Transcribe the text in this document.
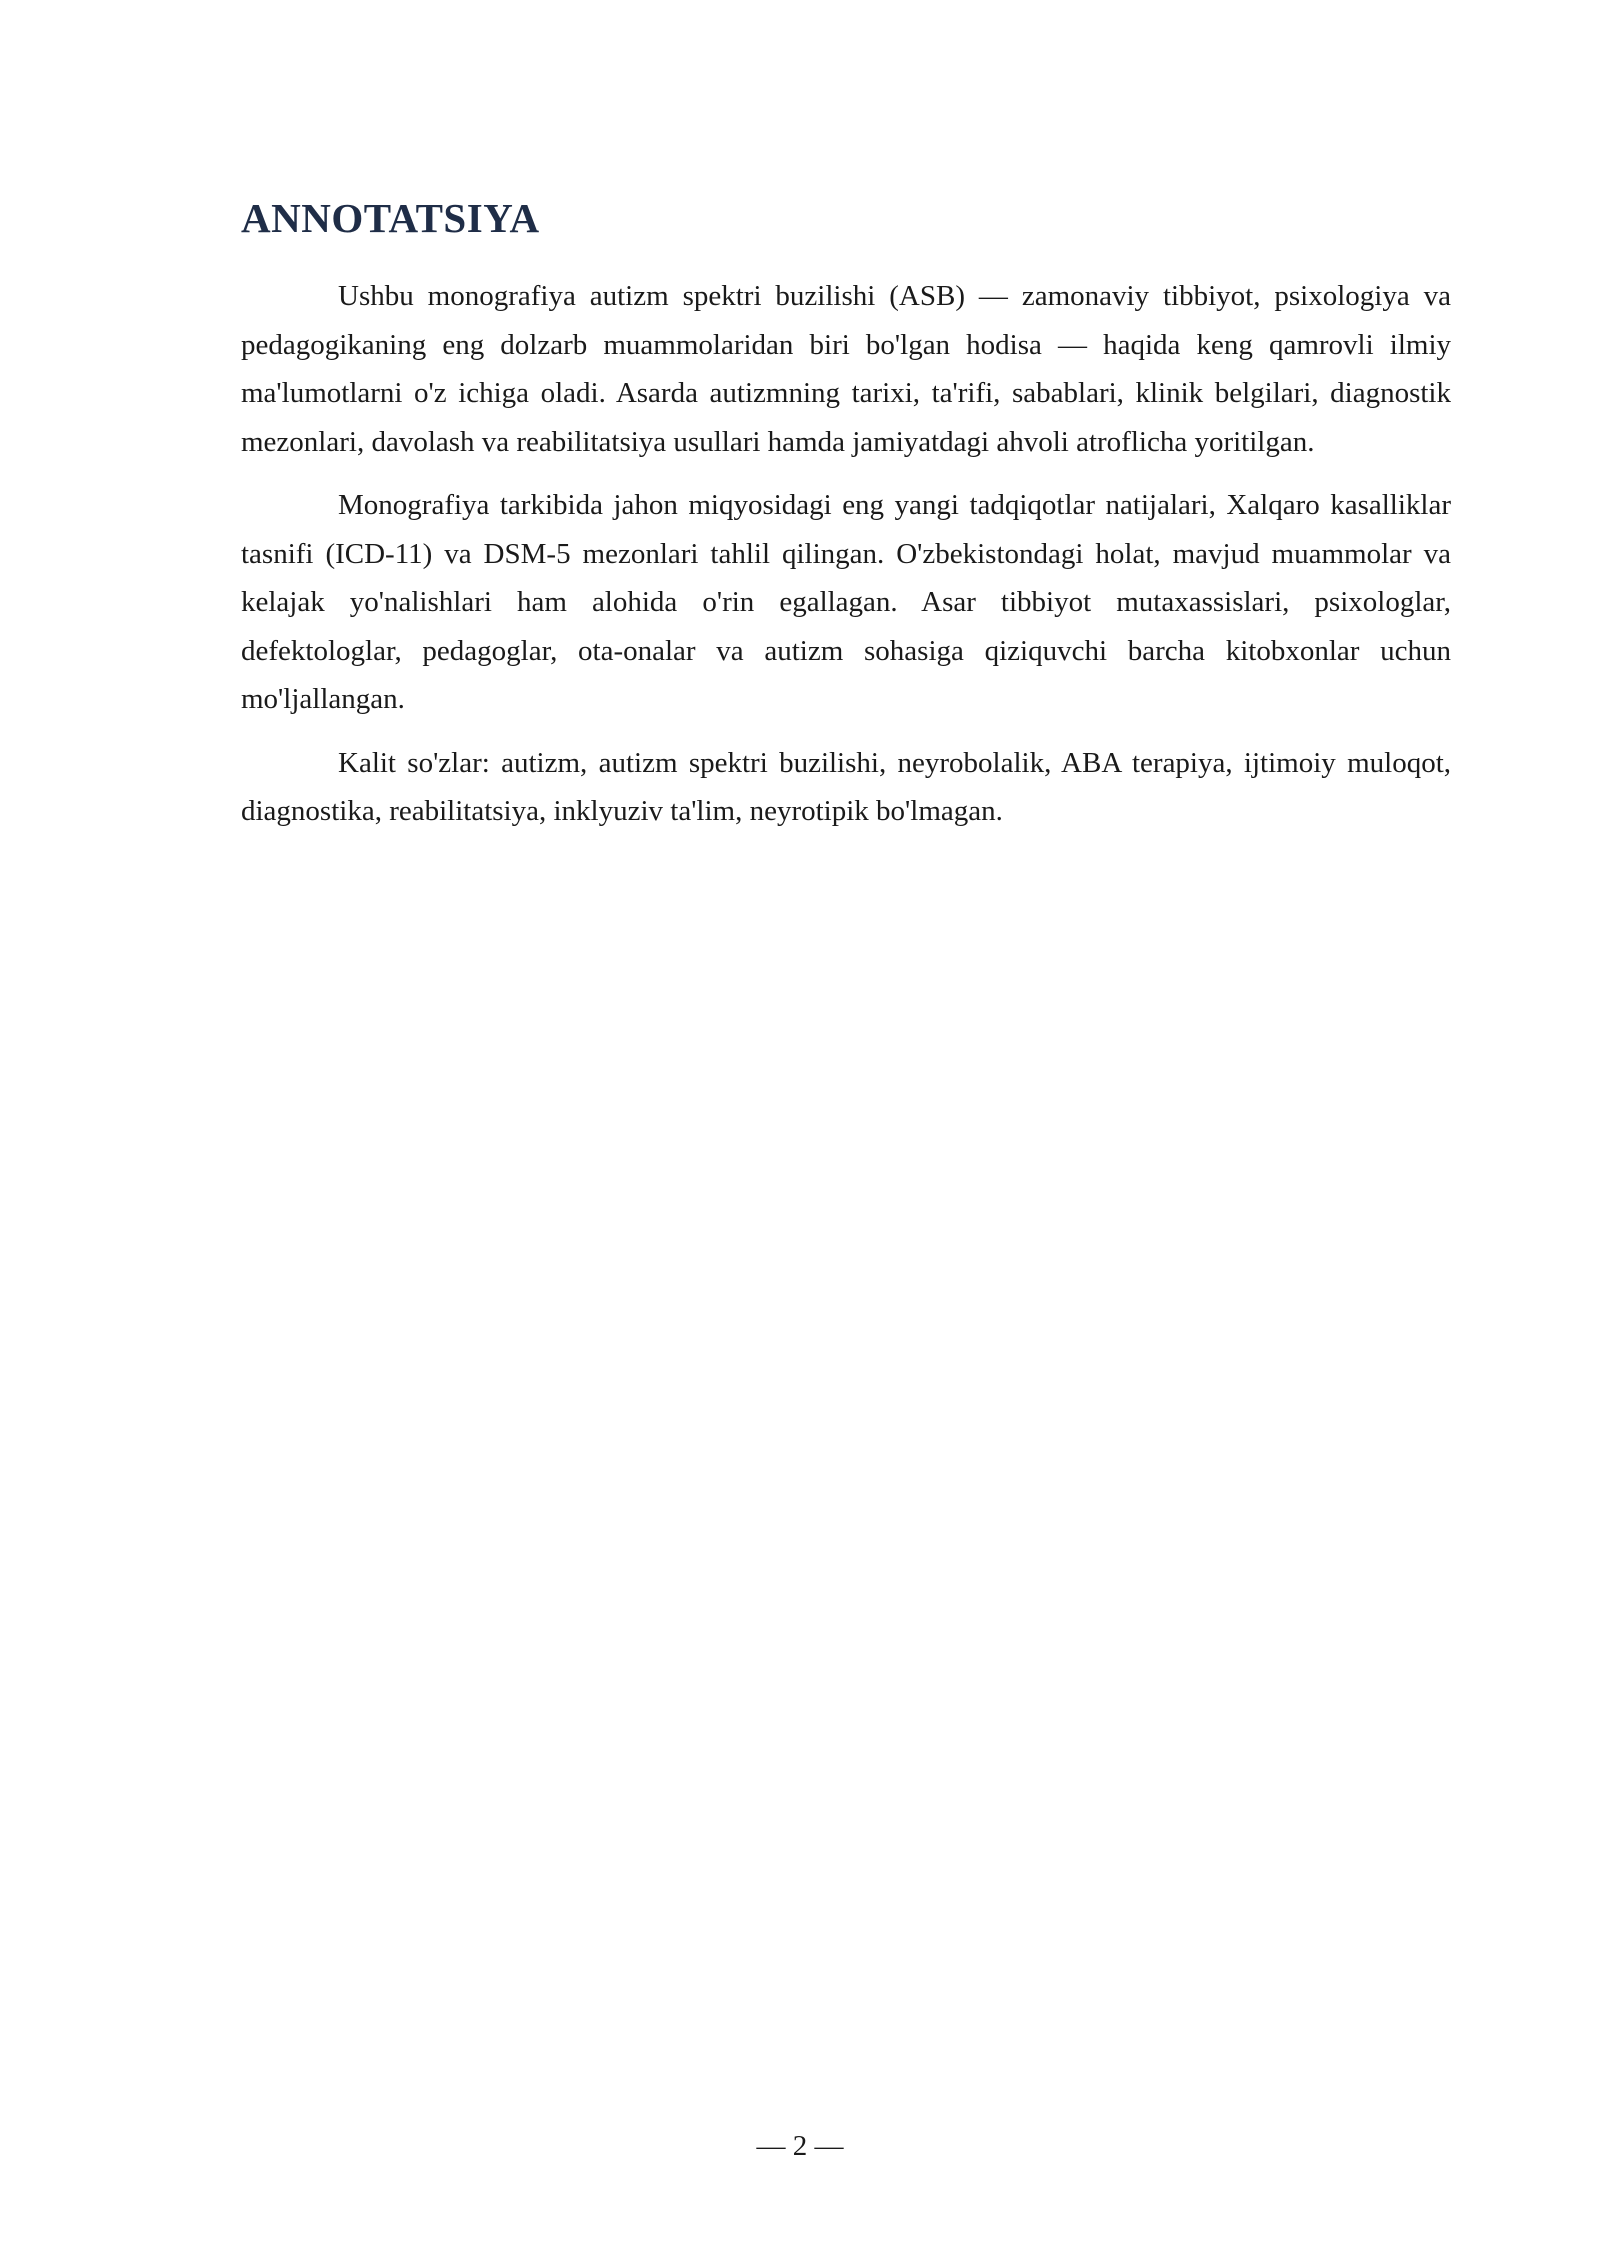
ANNOTATSIYA

Ushbu monografiya autizm spektri buzilishi (ASB) — zamonaviy tibbiyot, psixologiya va pedagogikaning eng dolzarb muammolaridan biri bo'lgan hodisa — haqida keng qamrovli ilmiy ma'lumotlarni o'z ichiga oladi. Asarda autizmning tarixi, ta'rifi, sabablari, klinik belgilari, diagnostik mezonlari, davolash va reabilitatsiya usullari hamda jamiyatdagi ahvoli atroflicha yoritilgan.

Monografiya tarkibida jahon miqyosidagi eng yangi tadqiqotlar natijalari, Xalqaro kasalliklar tasnifi (ICD-11) va DSM-5 mezonlari tahlil qilingan. O'zbekistondagi holat, mavjud muammolar va kelajak yo'nalishlari ham alohida o'rin egallagan. Asar tibbiyot mutaxassislari, psixologlar, defektologlar, pedagoglar, ota-onalar va autizm sohasiga qiziquvchi barcha kitobxonlar uchun mo'ljallangan.

Kalit so'zlar: autizm, autizm spektri buzilishi, neyrobolalik, ABA terapiya, ijtimoiy muloqot, diagnostika, reabilitatsiya, inklyuziv ta'lim, neyrotipik bo'lmagan.

— 2 —
